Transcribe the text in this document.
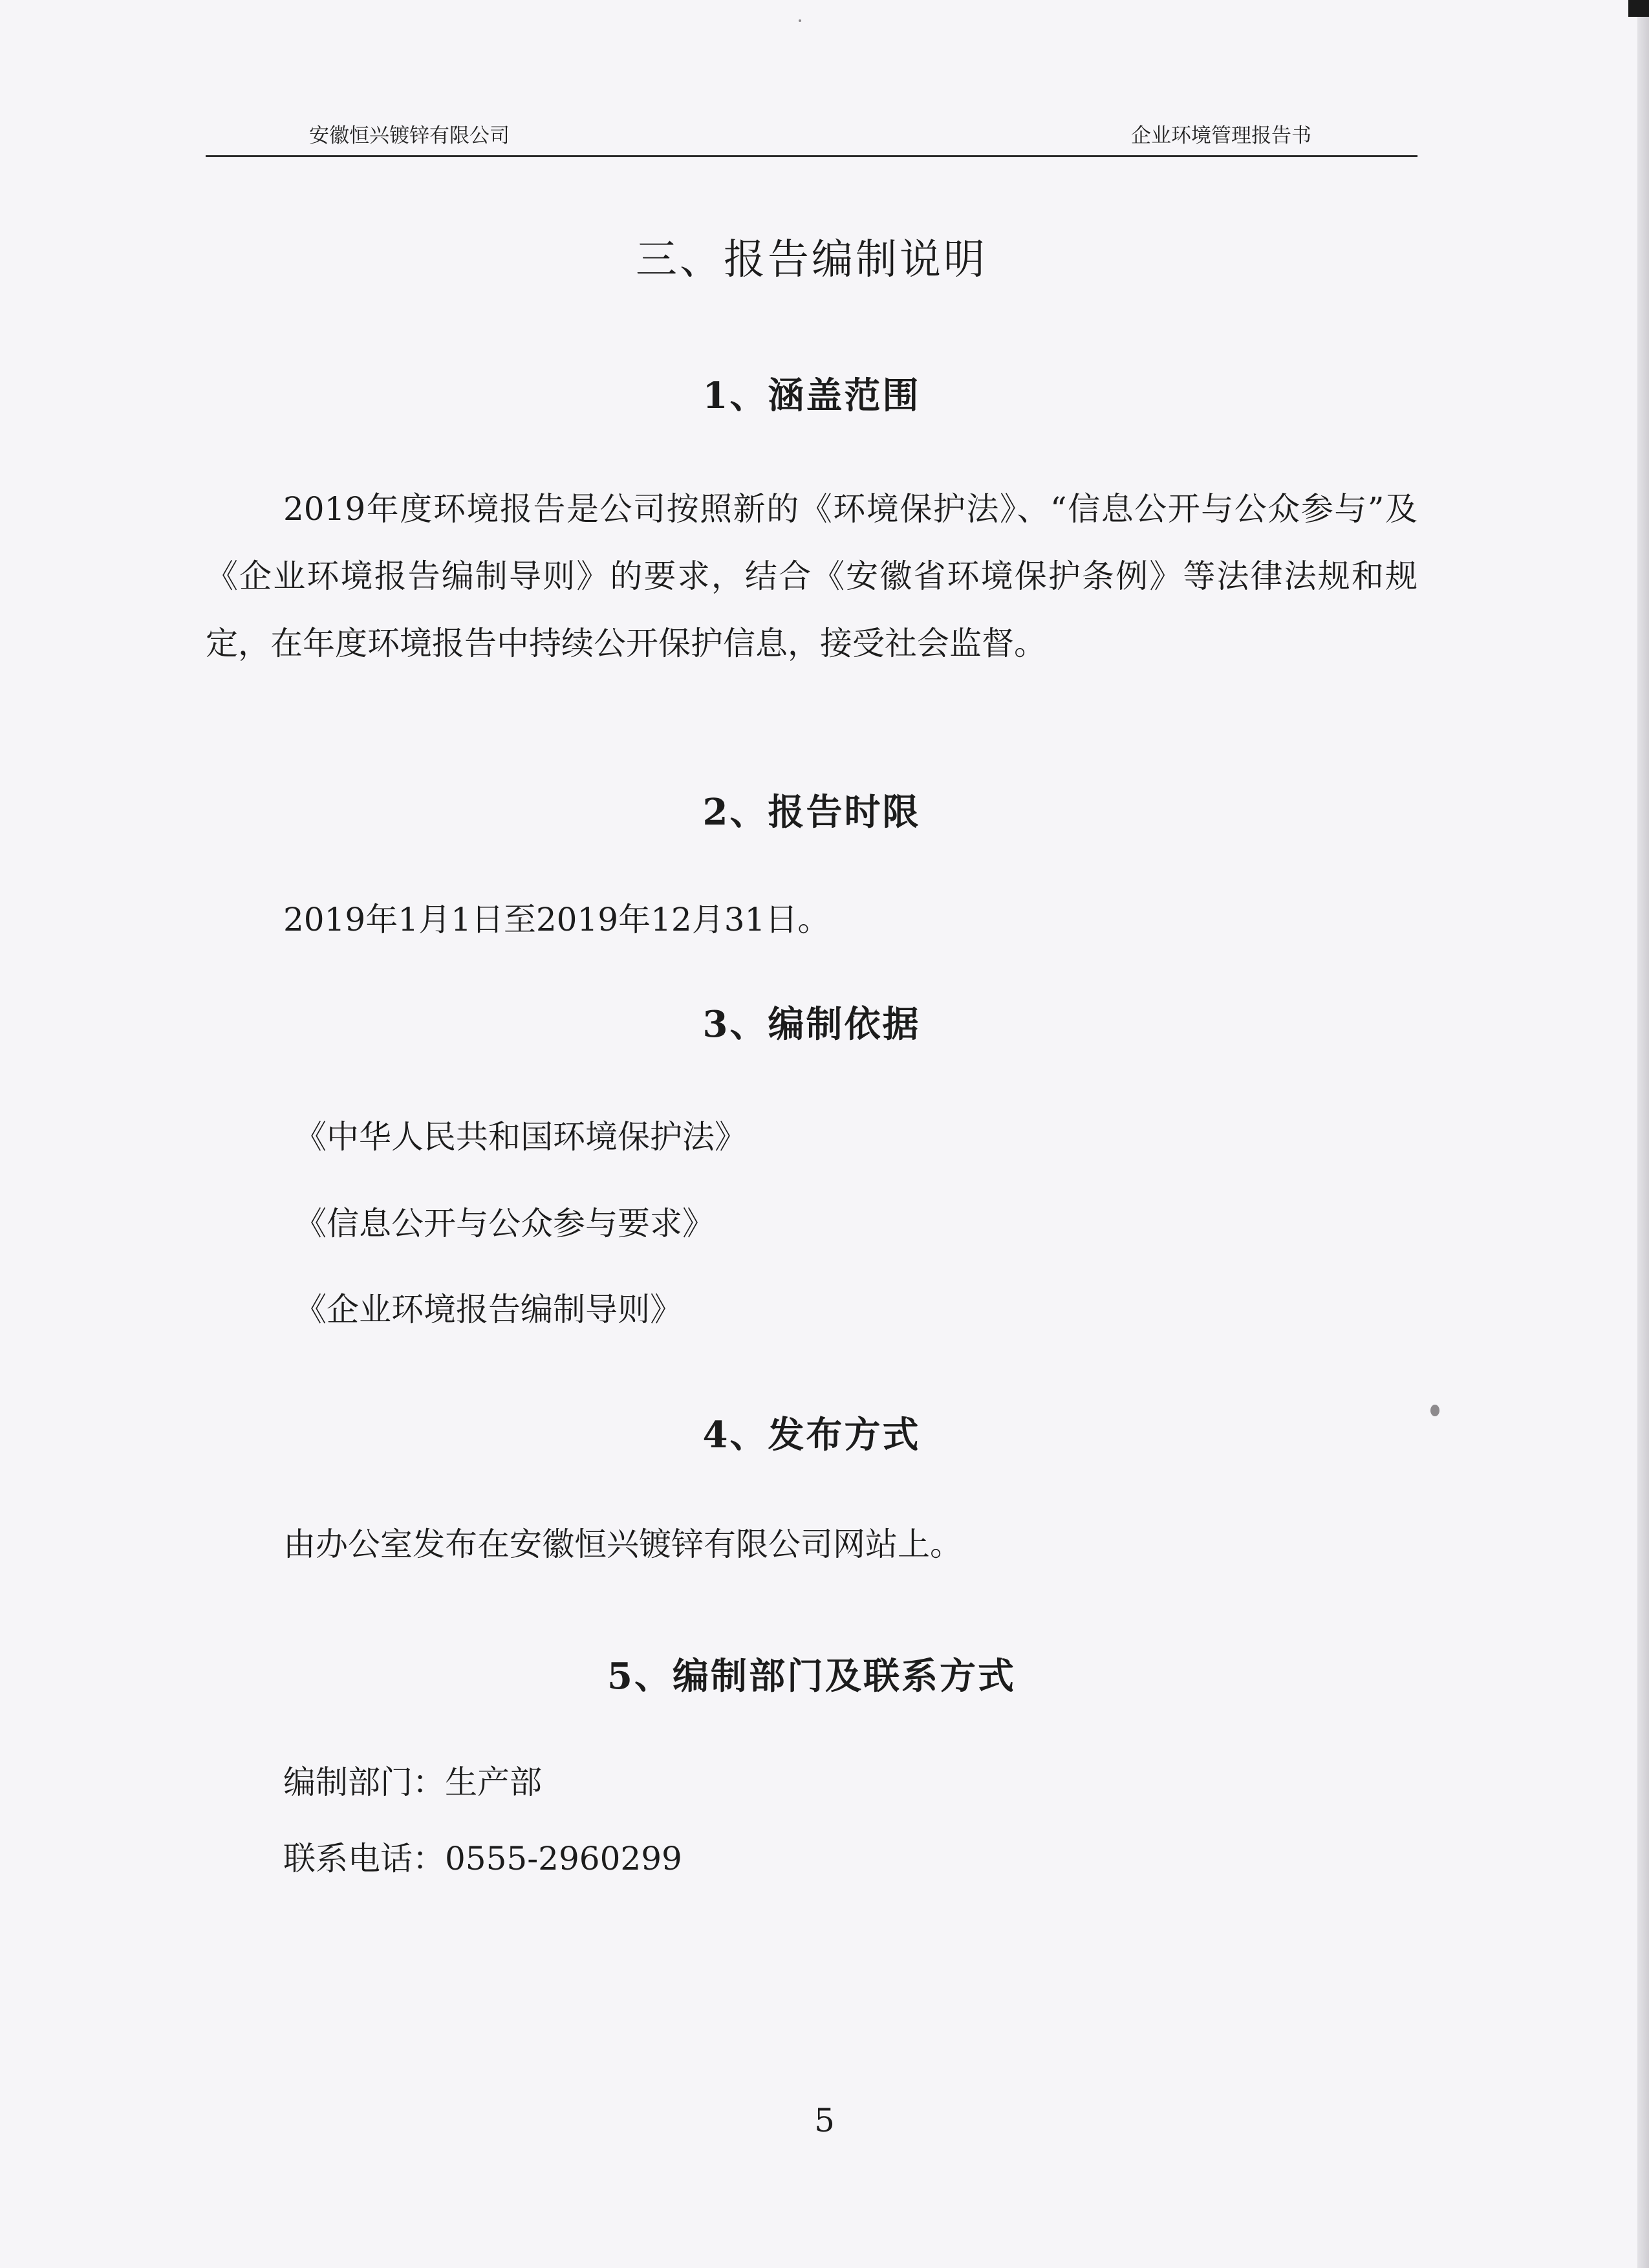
安徽恒兴镀锌有限公司	企业环境管理报告书
三、报告编制说明
1、涵盖范围

2019年度环境报告是公司按照新的《环境保护法》、“信息公开与公众参与”及《企业环境报告编制导则》的要求，结合《安徽省环境保护条例》等法律法规和规定，在年度环境报告中持续公开保护信息，接受社会监督。

2、报告时限

2019年1月1日至2019年12月31日。

3、编制依据

《中华人民共和国环境保护法》

《信息公开与公众参与要求》

《企业环境报告编制导则》

4、发布方式

由办公室发布在安徽恒兴镀锌有限公司网站上。

5、编制部门及联系方式

编制部门：生产部

联系电话：0555-2960299

5
